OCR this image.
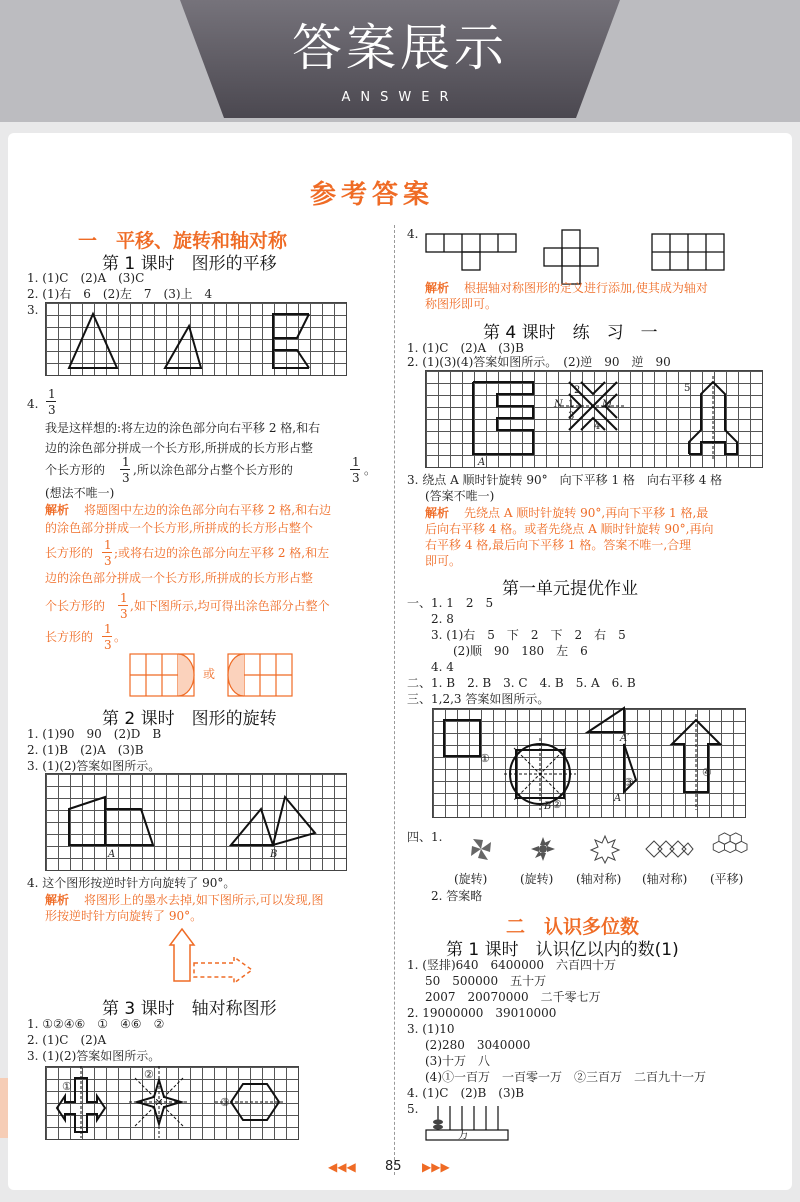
答案展示
ANSWER
参考答案
一　平移、旋转和轴对称
第 1 课时　图形的平移
1. (1)C　(2)A　(3)C
2. (1)右　6　(2)左　7　(3)上　4
3.
4.
1
3
我是这样想的:将左边的涂色部分向右平移 2 格,和右
边的涂色部分拼成一个长方形,所拼成的长方形占整
个长方形的
1
3
,所以涂色部分占整个长方形的
1
3
。
(想法不唯一)
解析 　将题图中左边的涂色部分向右平移 2 格,和右边
的涂色部分拼成一个长方形,所拼成的长方形占整个
长方形的
1
3
;或将右边的涂色部分向左平移 2 格,和左
边的涂色部分拼成一个长方形,所拼成的长方形占整
个长方形的
1
3
,如下图所示,均可得出涂色部分占整个
长方形的
1
3
。
或
第 2 课时　图形的旋转
1. (1)90　90　(2)D　B
2. (1)B　(2)A　(3)B
3. (1)(2)答案如图所示。
A	B
4. 这个图形按逆时针方向旋转了 90°。
解析 　将图形上的墨水去掉,如下图所示,可以发现,图
形按逆时针方向旋转了 90°。
第 3 课时　轴对称图形
1. ①②④⑥　①　④⑥　②
2. (1)C　(2)A
3. (1)(2)答案如图所示。
①
②
③
4.
解析 　根据轴对称图形的定义进行添加,使其成为轴对
称图形即可。
第 4 课时　练　习　一
1. (1)C　(2)A　(3)B
2. (1)(3)(4)答案如图所示。　(2)逆　90　逆　90
2
1
3
4
5
N	M
A
3. 绕点 A 顺时针旋转 90°　向下平移 1 格　向右平移 4 格
(答案不唯一)
解析 　先绕点 A 顺时针旋转 90°,再向下平移 1 格,最
后向右平移 4 格。或者先绕点 A 顺时针旋转 90°,再向
右平移 4 格,最后向下平移 1 格。答案不唯一,合理
即可。
第一单元提优作业
一、1. 1　2　5
2. 8
3. (1)右　5　下　2　下　2　右　5
(2)顺　90　180　左　6
4. 4
二、1. B　2. B　3. C　4. B　5. A　6. B
三、1,2,3 答案如图所示。
①
②
③
④
A′
A
B
四、1.
(旋转)	(旋转) (轴对称) (轴对称) (平移)
2. 答案略
二　认识多位数
第 1 课时　认识亿以内的数(1)
1. (竖排)640　6400000　六百四十万
50　500000　五十万
2007　20070000　二千零七万
2. 19000000　39010000
3. (1)10
(2)280　3040000
(3)十万　八
(4)①一百万　一百零一万　②三百万　二百九十一万
4. (1)C　(2)B　(3)B
5.
万
◀◀◀ 85 ▶▶▶
